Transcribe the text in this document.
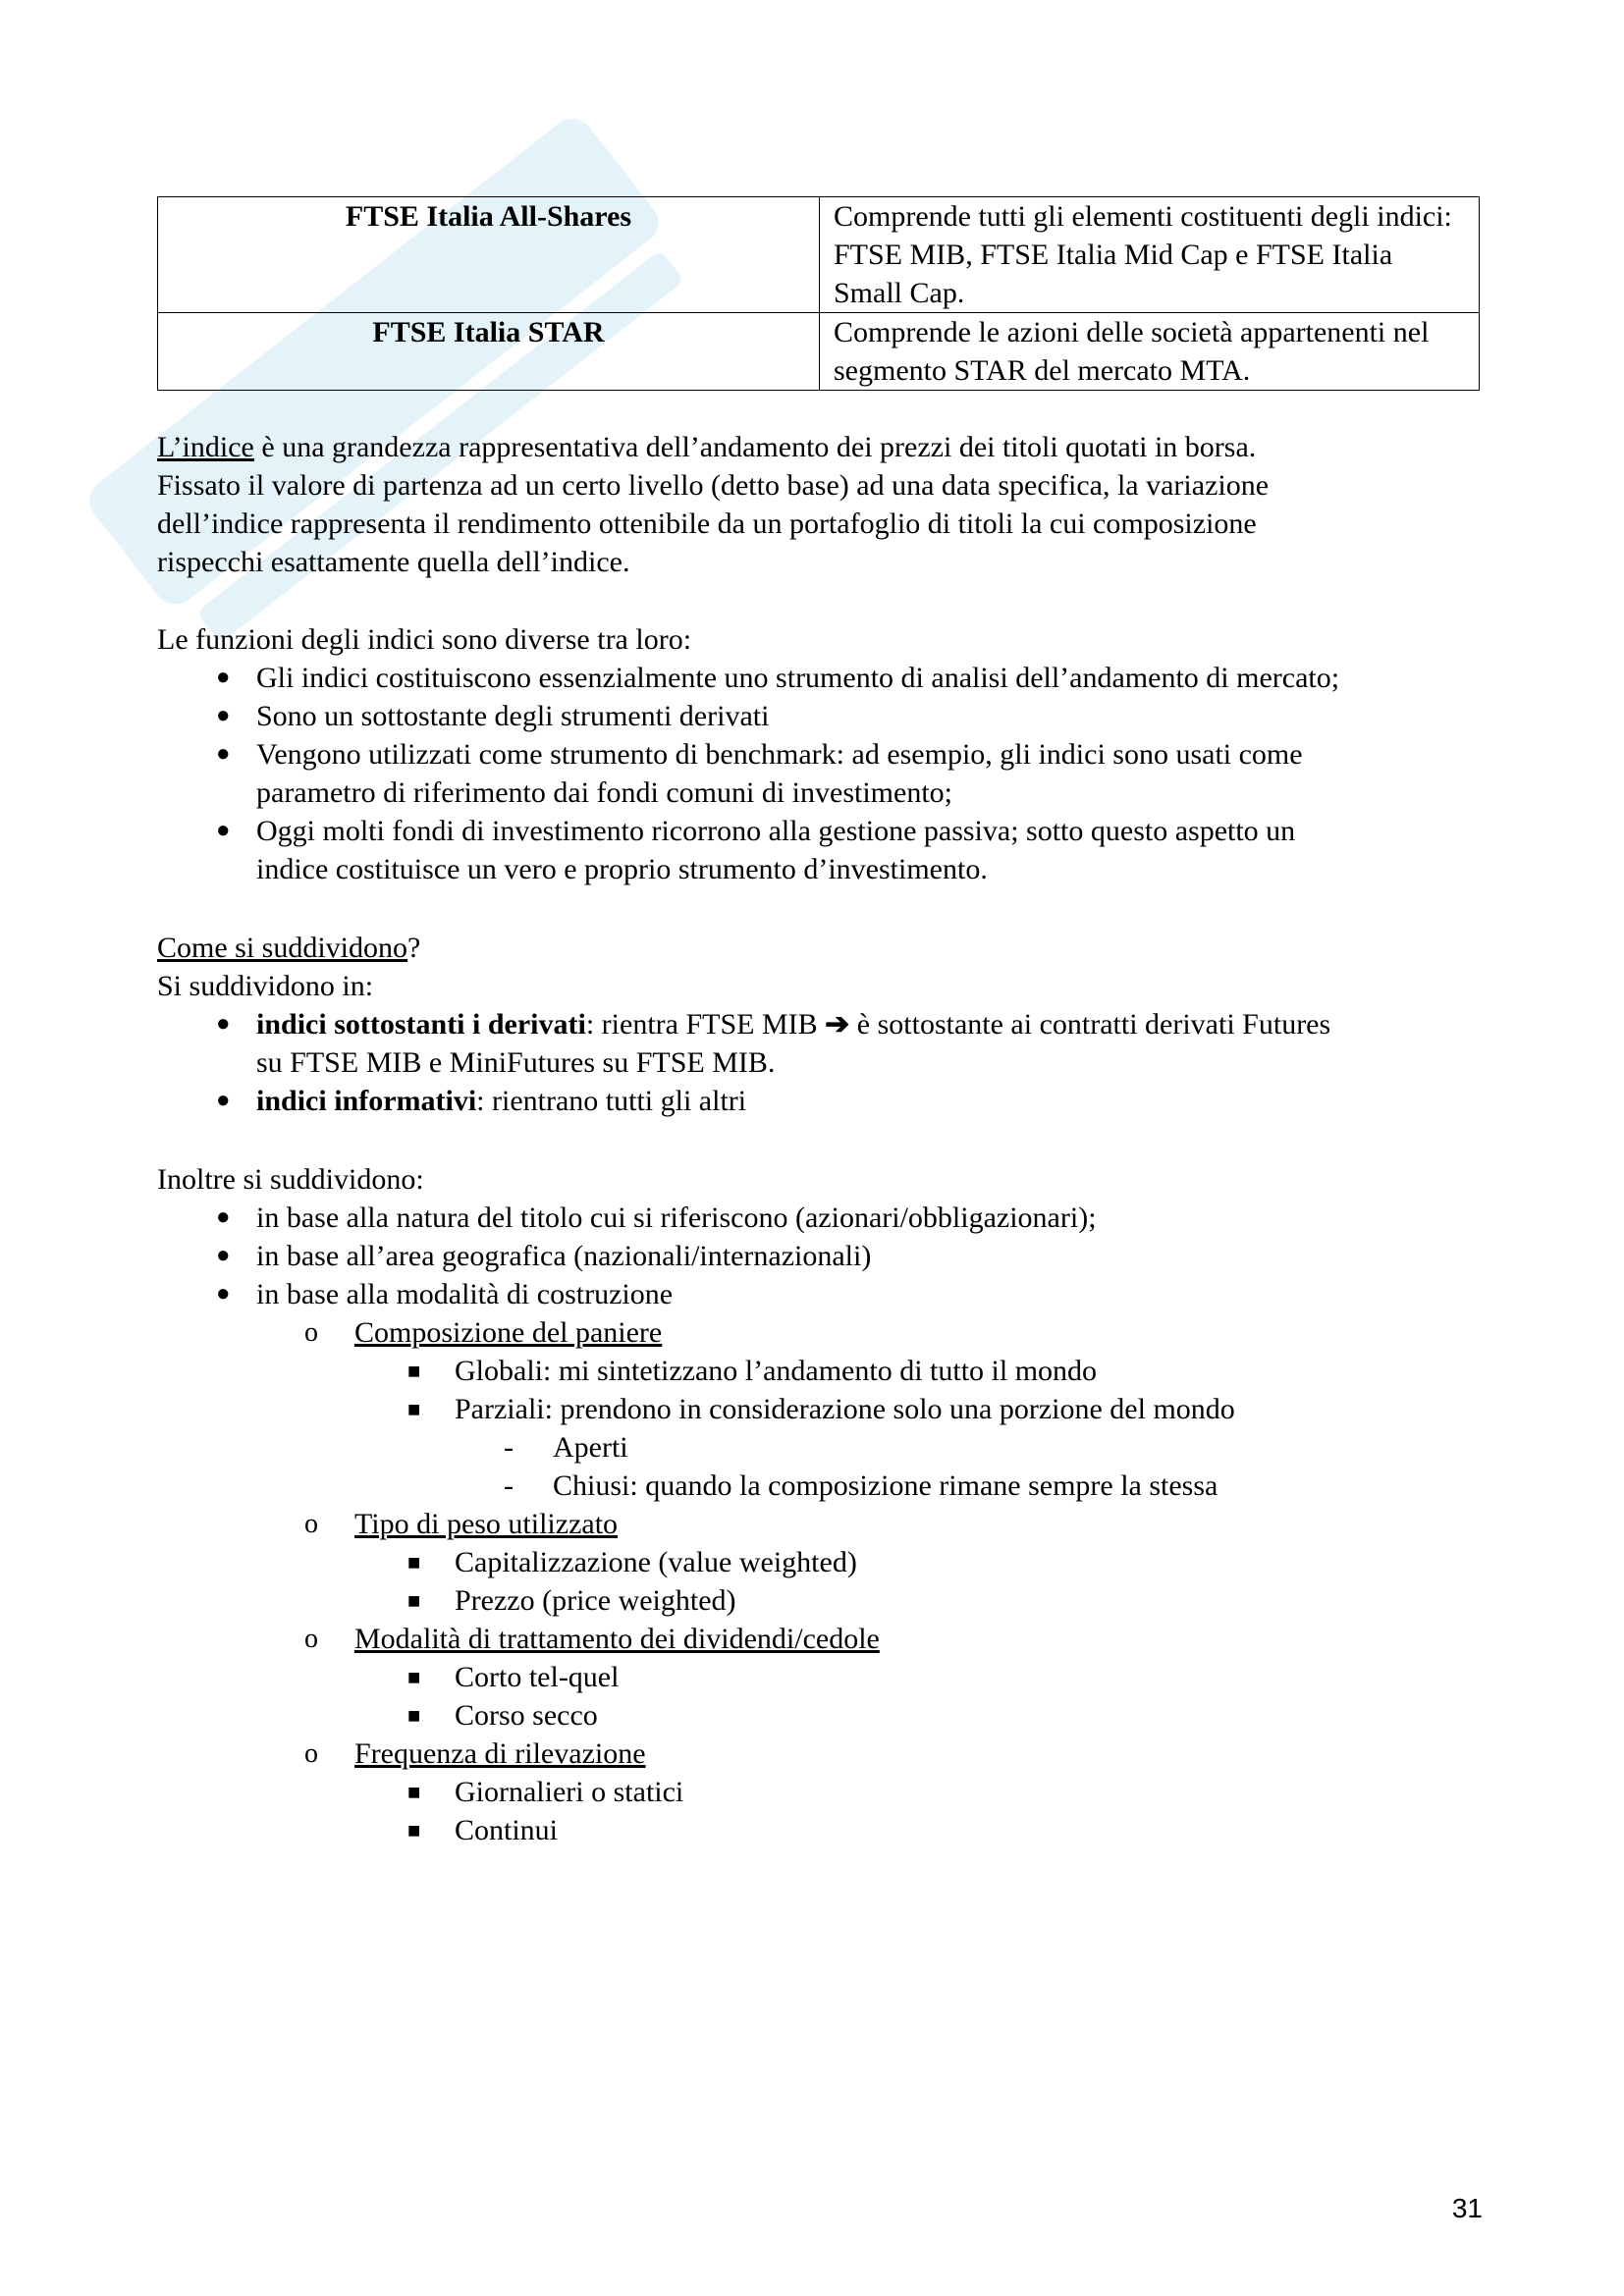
FTSE Italia All-Shares	Comprende tutti gli elementi costituenti degli indici: FTSE MIB, FTSE Italia Mid Cap e FTSE Italia Small Cap.
FTSE Italia STAR	Comprende le azioni delle società appartenenti nel segmento STAR del mercato MTA.
L’indice è una grandezza rappresentativa dell’andamento dei prezzi dei titoli quotati in borsa.
Fissato il valore di partenza ad un certo livello (detto base) ad una data specifica, la variazione
dell’indice rappresenta il rendimento ottenibile da un portafoglio di titoli la cui composizione
rispecchi esattamente quella dell’indice.
Le funzioni degli indici sono diverse tra loro:
● Gli indici costituiscono essenzialmente uno strumento di analisi dell’andamento di mercato;
● Sono un sottostante degli strumenti derivati
● Vengono utilizzati come strumento di benchmark: ad esempio, gli indici sono usati come
parametro di riferimento dai fondi comuni di investimento;
● Oggi molti fondi di investimento ricorrono alla gestione passiva; sotto questo aspetto un
indice costituisce un vero e proprio strumento d’investimento.
Come si suddividono?
Si suddividono in:
● indici sottostanti i derivati: rientra FTSE MIB ➔ è sottostante ai contratti derivati Futures
su FTSE MIB e MiniFutures su FTSE MIB.
● indici informativi: rientrano tutti gli altri
Inoltre si suddividono:
● in base alla natura del titolo cui si riferiscono (azionari/obbligazionari);
● in base all’area geografica (nazionali/internazionali)
● in base alla modalità di costruzione
o Composizione del paniere
■ Globali: mi sintetizzano l’andamento di tutto il mondo
■ Parziali: prendono in considerazione solo una porzione del mondo
- Aperti
- Chiusi: quando la composizione rimane sempre la stessa
o Tipo di peso utilizzato
■ Capitalizzazione (value weighted)
■ Prezzo (price weighted)
o Modalità di trattamento dei dividendi/cedole
■ Corto tel-quel
■ Corso secco
o Frequenza di rilevazione
■ Giornalieri o statici
■ Continui
31
